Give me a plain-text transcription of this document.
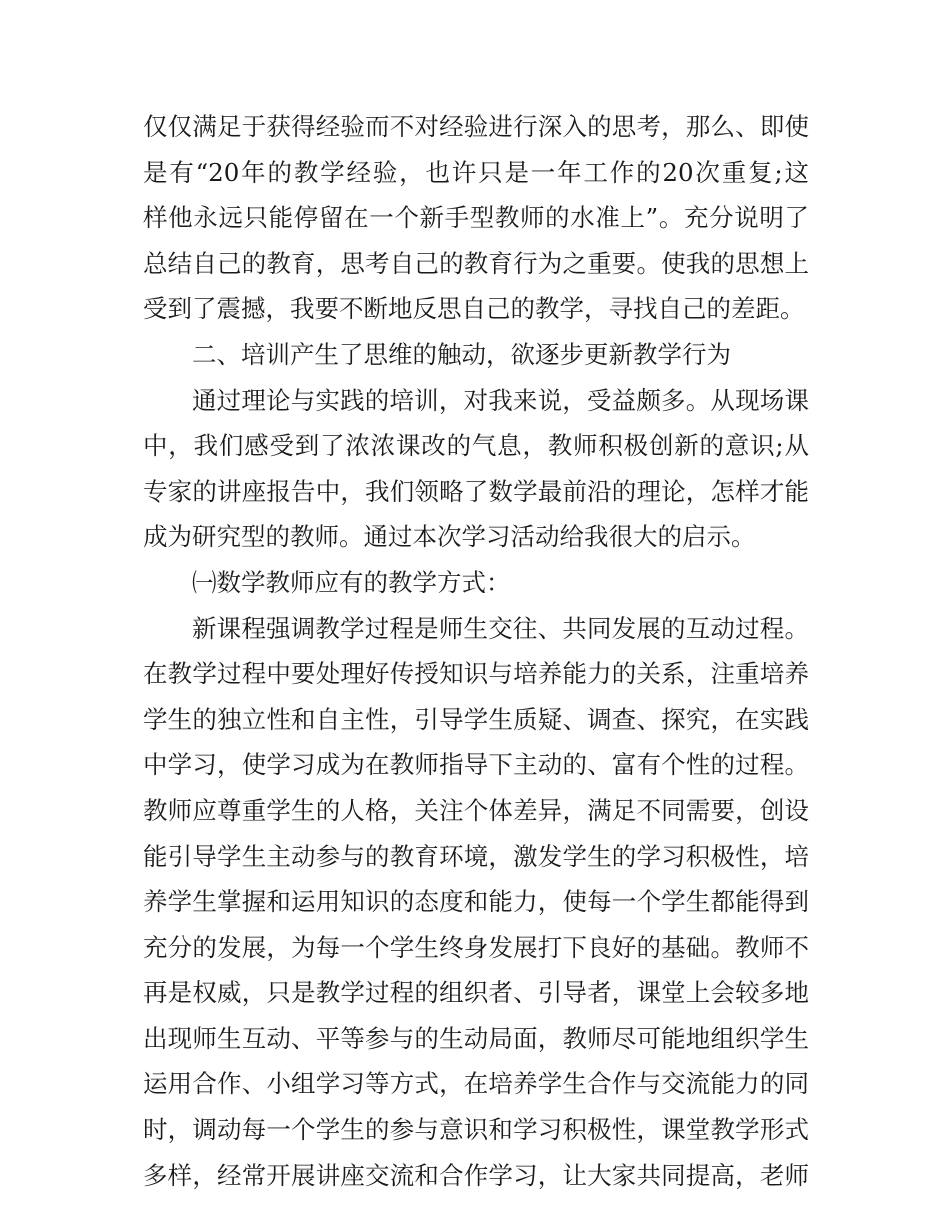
仅仅满足于获得经验而不对经验进行深入的思考，那么、即使
是有“20年的教学经验，也许只是一年工作的20次重复;这
样他永远只能停留在一个新手型教师的水准上”。充分说明了
总结自己的教育，思考自己的教育行为之重要。使我的思想上
受到了震撼，我要不断地反思自己的教学，寻找自己的差距。
二、培训产生了思维的触动，欲逐步更新教学行为
通过理论与实践的培训，对我来说，受益颇多。从现场课
中，我们感受到了浓浓课改的气息，教师积极创新的意识;从
专家的讲座报告中，我们领略了数学最前沿的理论，怎样才能
成为研究型的教师。通过本次学习活动给我很大的启示。
㈠数学教师应有的教学方式：
新课程强调教学过程是师生交往、共同发展的互动过程。
在教学过程中要处理好传授知识与培养能力的关系，注重培养
学生的独立性和自主性，引导学生质疑、调查、探究，在实践
中学习，使学习成为在教师指导下主动的、富有个性的过程。
教师应尊重学生的人格，关注个体差异，满足不同需要，创设
能引导学生主动参与的教育环境，激发学生的学习积极性，培
养学生掌握和运用知识的态度和能力，使每一个学生都能得到
充分的发展，为每一个学生终身发展打下良好的基础。教师不
再是权威，只是教学过程的组织者、引导者，课堂上会较多地
出现师生互动、平等参与的生动局面，教师尽可能地组织学生
运用合作、小组学习等方式，在培养学生合作与交流能力的同
时，调动每一个学生的参与意识和学习积极性，课堂教学形式
多样，经常开展讲座交流和合作学习，让大家共同提高，老师
